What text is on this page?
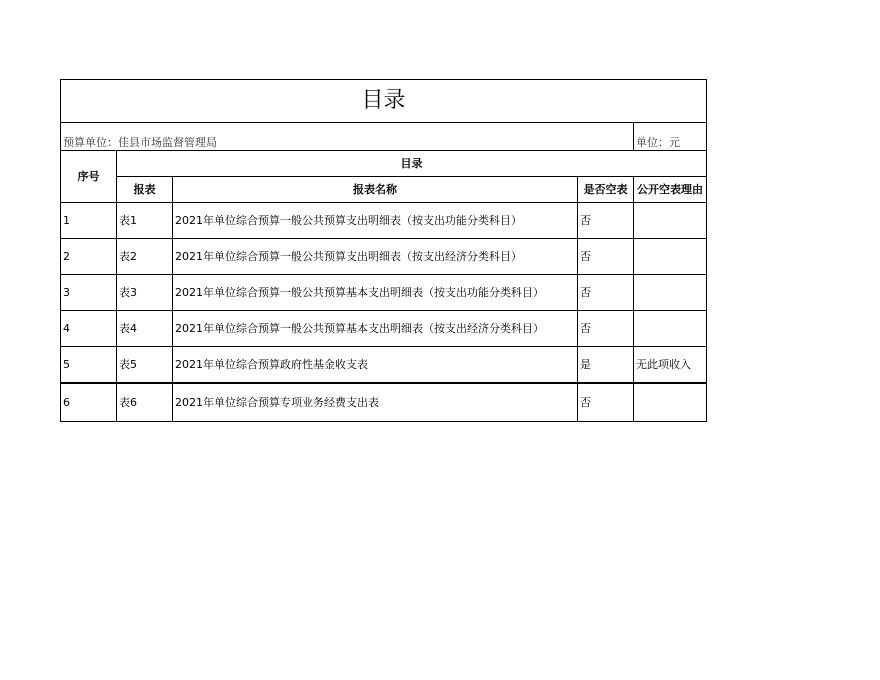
目录				
预算单位：佳县市场监督管理局				单位：元
序号	目录			
	报表	报表名称	是否空表	公开空表理由
1	表1	2021年单位综合预算一般公共预算支出明细表（按支出功能分类科目）	否	
2	表2	2021年单位综合预算一般公共预算支出明细表（按支出经济分类科目）	否	
3	表3	2021年单位综合预算一般公共预算基本支出明细表（按支出功能分类科目）	否	
4	表4	2021年单位综合预算一般公共预算基本支出明细表（按支出经济分类科目）	否	
5	表5	2021年单位综合预算政府性基金收支表	是	无此项收入
6	表6	2021年单位综合预算专项业务经费支出表	否	
